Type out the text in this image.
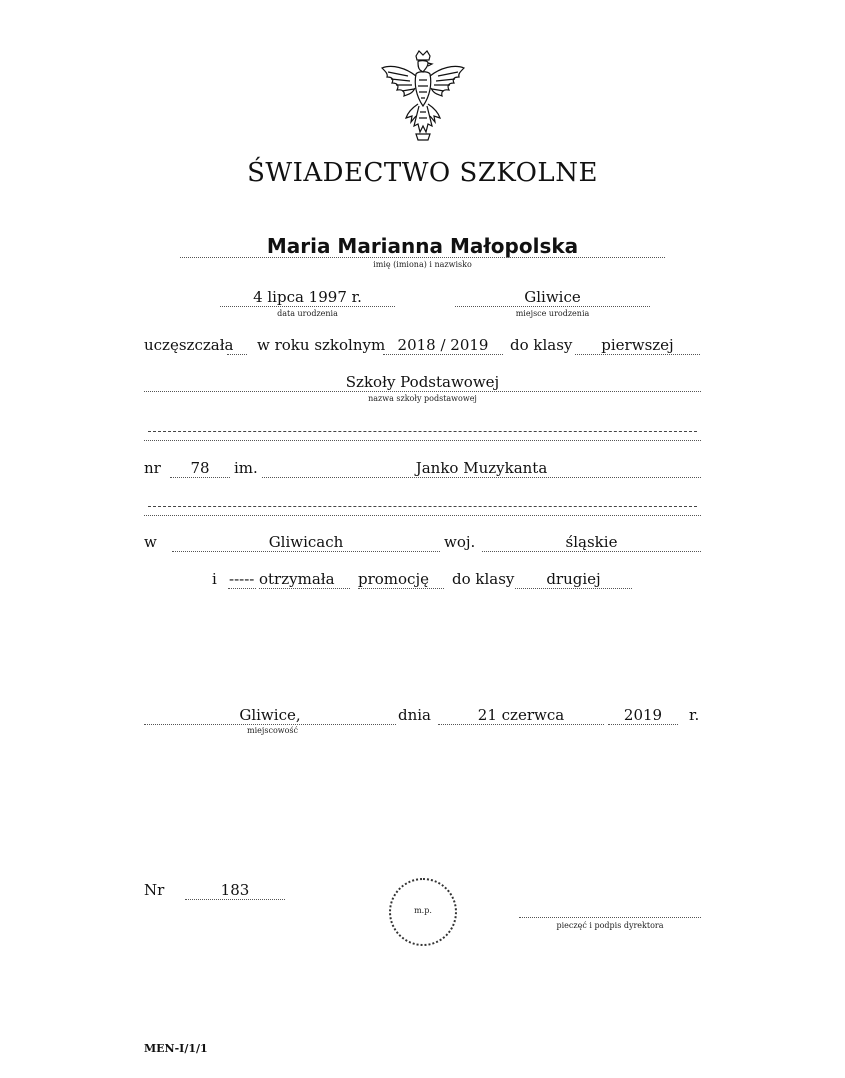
ŚWIADECTWO SZKOLNE
Maria Marianna Małopolska
imię (imiona) i nazwisko
4 lipca 1997 r.
data urodzenia
Gliwice
miejsce urodzenia
uczęszczała w roku szkolnym 2018 / 2019	do klasy	pierwszej
Szkoły Podstawowej
nazwa szkoły podstawowej
nr	78	im.	Janko Muzykanta
w	Gliwicach	woj.	śląskie
i ----- otrzymała promocję do klasy	drugiej
Gliwice,
miejscowość
dnia	21 czerwca	2019	r.
Nr	183
m.p.
pieczęć i podpis dyrektora
MEN-I/1/1
